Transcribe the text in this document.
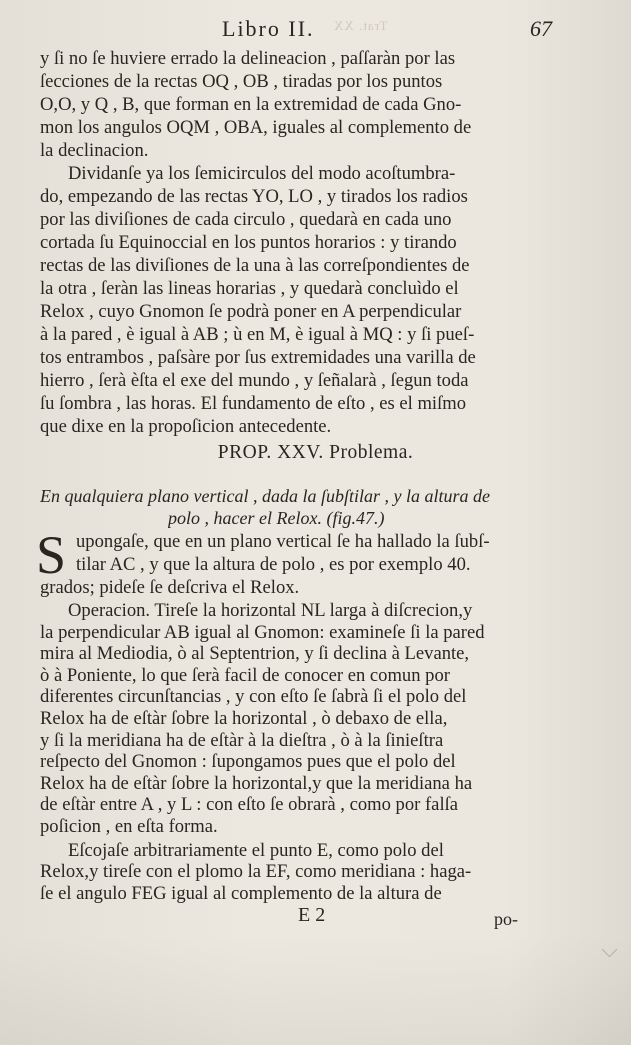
Libro II. Trat. XX	67
y ſi no ſe huviere errado la delineacion , paſſaràn por las
ſecciones de la rectas OQ , OB , tiradas por los puntos
O,O, y Q , B, que forman en la extremidad de cada Gno-
mon los angulos OQM , OBA, iguales al complemento de
la declinacion.
Dividanſe ya los ſemicirculos del modo acoſtumbra-
do, empezando de las rectas YO, LO , y tirados los radios
por las diviſiones de cada circulo , quedarà en cada uno
cortada ſu Equinoccial en los puntos horarios : y tirando
rectas de las diviſiones de la una à las correſpondientes de
la otra , ſeràn las lineas horarias , y quedarà concluìdo el
Relox , cuyo Gnomon ſe podrà poner en A perpendicular
à la pared , è igual à AB ; ù en M, è igual à MQ : y ſi pueſ-
tos entrambos , paſsàre por ſus extremidades una varilla de
hierro , ſerà èſta el exe del mundo , y ſeñalarà , ſegun toda
ſu ſombra , las horas. El fundamento de eſto , es el miſmo
que dixe en la propoſicion antecedente.
PROP. XXV. Problema.
En qualquiera plano vertical , dada la ſubſtilar , y la altura de
polo , hacer el Relox. (fig.47.)
S upongaſe, que en un plano vertical ſe ha hallado la ſubſ-
tilar AC , y que la altura de polo , es por exemplo 40.
grados; pideſe ſe deſcriva el Relox.
Operacion. Tireſe la horizontal NL larga à diſcrecion,y
la perpendicular AB igual al Gnomon: examineſe ſi la pared
mira al Mediodia, ò al Septentrion, y ſi declina à Levante,
ò à Poniente, lo que ſerà facil de conocer en comun por
diferentes circunſtancias , y con eſto ſe ſabrà ſi el polo del
Relox ha de eſtàr ſobre la horizontal , ò debaxo de ella,
y ſi la meridiana ha de eſtàr à la dieſtra , ò à la ſinieſtra
reſpecto del Gnomon : ſupongamos pues que el polo del
Relox ha de eſtàr ſobre la horizontal,y que la meridiana ha
de eſtàr entre A , y L : con eſto ſe obrarà , como por falſa
poſicion , en eſta forma.
Eſcojaſe arbitrariamente el punto E, como polo del
Relox,y tireſe con el plomo la EF, como meridiana : haga-
ſe el angulo FEG igual al complemento de la altura de
E 2	po-
